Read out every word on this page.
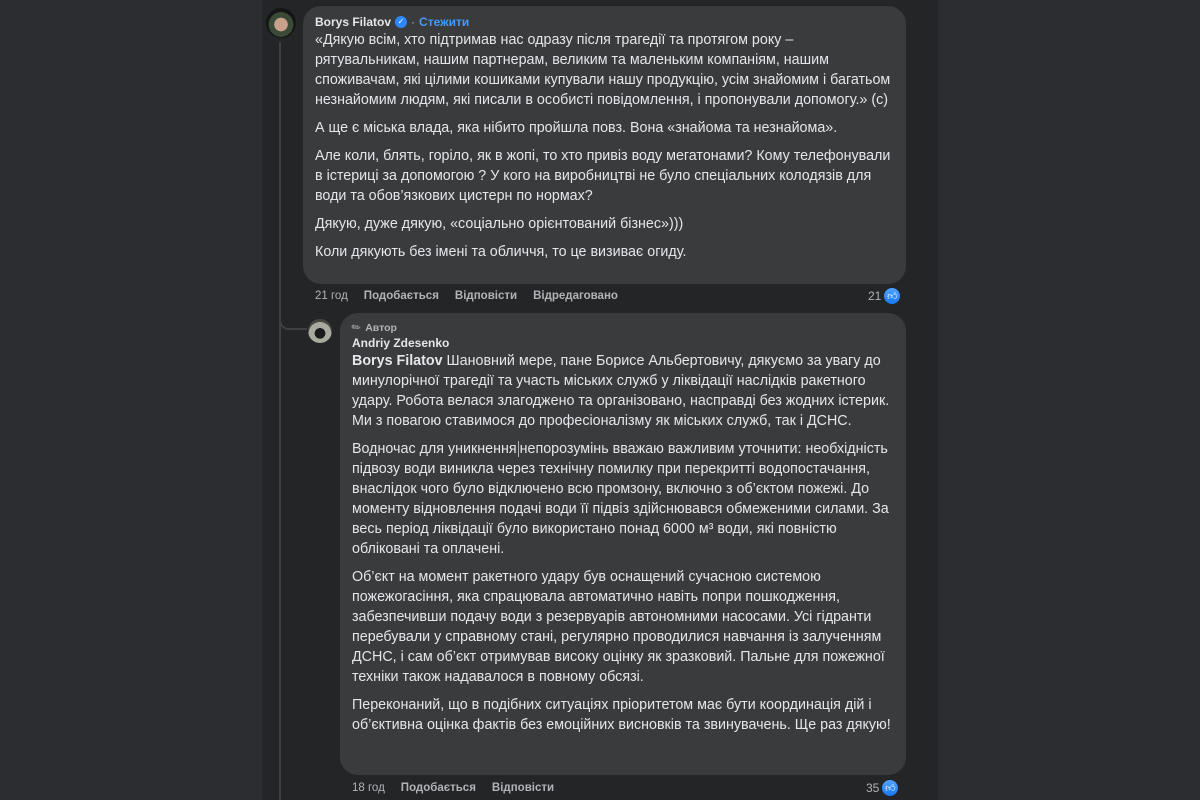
Borys Filatov ✓ · Стежити

«Дякую всім, хто підтримав нас одразу після трагедії та протягом року – рятувальникам, нашим партнерам, великим та маленьким компаніям, нашим споживачам, які цілими кошиками купували нашу продукцію, усім знайомим і багатьом незнайомим людям, які писали в особисті повідомлення, і пропонували допомогу.» (с)

А ще є міська влада, яка нібито пройшла повз. Вона «знайома та незнайома».

Але коли, блять, горіло, як в жопі, то хто привіз воду мегатонами? Кому телефонували в істериці за допомогою ? У кого на виробництві не було спеціальних колодязів для води та обов’язкових цистерн по нормах?

Дякую, дуже дякую, «соціально орієнтований бізнес»)))

Коли дякують без імені та обличчя, то це визиває огиду.

21 год Подобається Відповісти Відредаговано	21 👍︎
✎ Автор
Andriy Zdesenko

Borys Filatov Шановний мере, пане Борисе Альбертовичу, дякуємо за увагу до минулорічної трагедії та участь міських служб у ліквідації наслідків ракетного удару. Робота велася злагоджено та організовано, насправді без жодних істерик. Ми з повагою ставимося до професіоналізму як міських служб, так і ДСНС.

Водночас для уникнення непорозумінь вважаю важливим уточнити: необхідність підвозу води виникла через технічну помилку при перекритті водопостачання, внаслідок чого було відключено всю промзону, включно з об’єктом пожежі. До моменту відновлення подачі води її підвіз здійснювався обмеженими силами. За весь період ліквідації було використано понад 6000 м³ води, які повністю обліковані та оплачені.

Об’єкт на момент ракетного удару був оснащений сучасною системою пожежогасіння, яка спрацювала автоматично навіть попри пошкодження, забезпечивши подачу води з резервуарів автономними насосами. Усі гідранти перебували у справному стані, регулярно проводилися навчання із залученням ДСНС, і сам об’єкт отримував високу оцінку як зразковий. Пальне для пожежної техніки також надавалося в повному обсязі.

Переконаний, що в подібних ситуаціях пріоритетом має бути координація дій і об’єктивна оцінка фактів без емоційних висновків та звинувачень. Ще раз дякую!

18 год Подобається Відповісти	35 👍︎
